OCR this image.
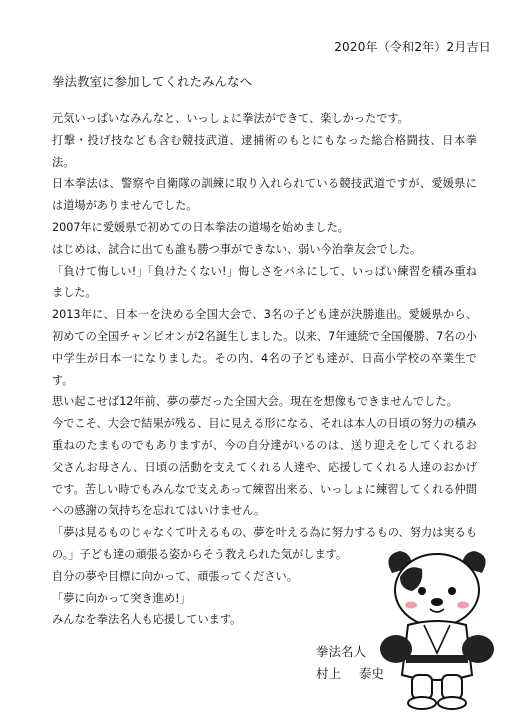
2020年（令和2年）2月吉日
拳法教室に参加してくれたみんなへ

元気いっぱいなみんなと、いっしょに拳法ができて、楽しかったです。

打撃・投げ技なども含む競技武道、逮捕術のもとにもなった総合格闘技、日本拳法。

日本拳法は、警察や自衛隊の訓練に取り入れられている競技武道ですが、愛媛県には道場がありませんでした。

2007年に愛媛県で初めての日本拳法の道場を始めました。

はじめは、試合に出ても誰も勝つ事ができない、弱い今治拳友会でした。

「負けて悔しい!」「負けたくない!」悔しさをバネにして、いっぱい練習を積み重ねました。

2013年に、日本一を決める全国大会で、3名の子ども達が決勝進出。愛媛県から、初めての全国チャンピオンが2名誕生しました。以来、7年連続で全国優勝、7名の小中学生が日本一になりました。その内、4名の子ども達が、日高小学校の卒業生です。

思い起こせば12年前、夢の夢だった全国大会。現在を想像もできませんでした。

今でこそ、大会で結果が残る、目に見える形になる、それは本人の日頃の努力の積み重ねのたまものでもありますが、今の自分達がいるのは、送り迎えをしてくれるお父さんお母さん、日頃の活動を支えてくれる人達や、応援してくれる人達のおかげです。苦しい時でもみんなで支えあって練習出来る、いっしょに練習してくれる仲間への感謝の気持ちを忘れてはいけません。

「夢は見るものじゃなくて叶えるもの、夢を叶える為に努力するもの、努力は実るもの。」子ども達の頑張る姿からそう教えられた気がします。

自分の夢や目標に向かって、頑張ってください。

「夢に向かって突き進め!」

みんなを拳法名人も応援しています。

拳法名人
村上 泰史
